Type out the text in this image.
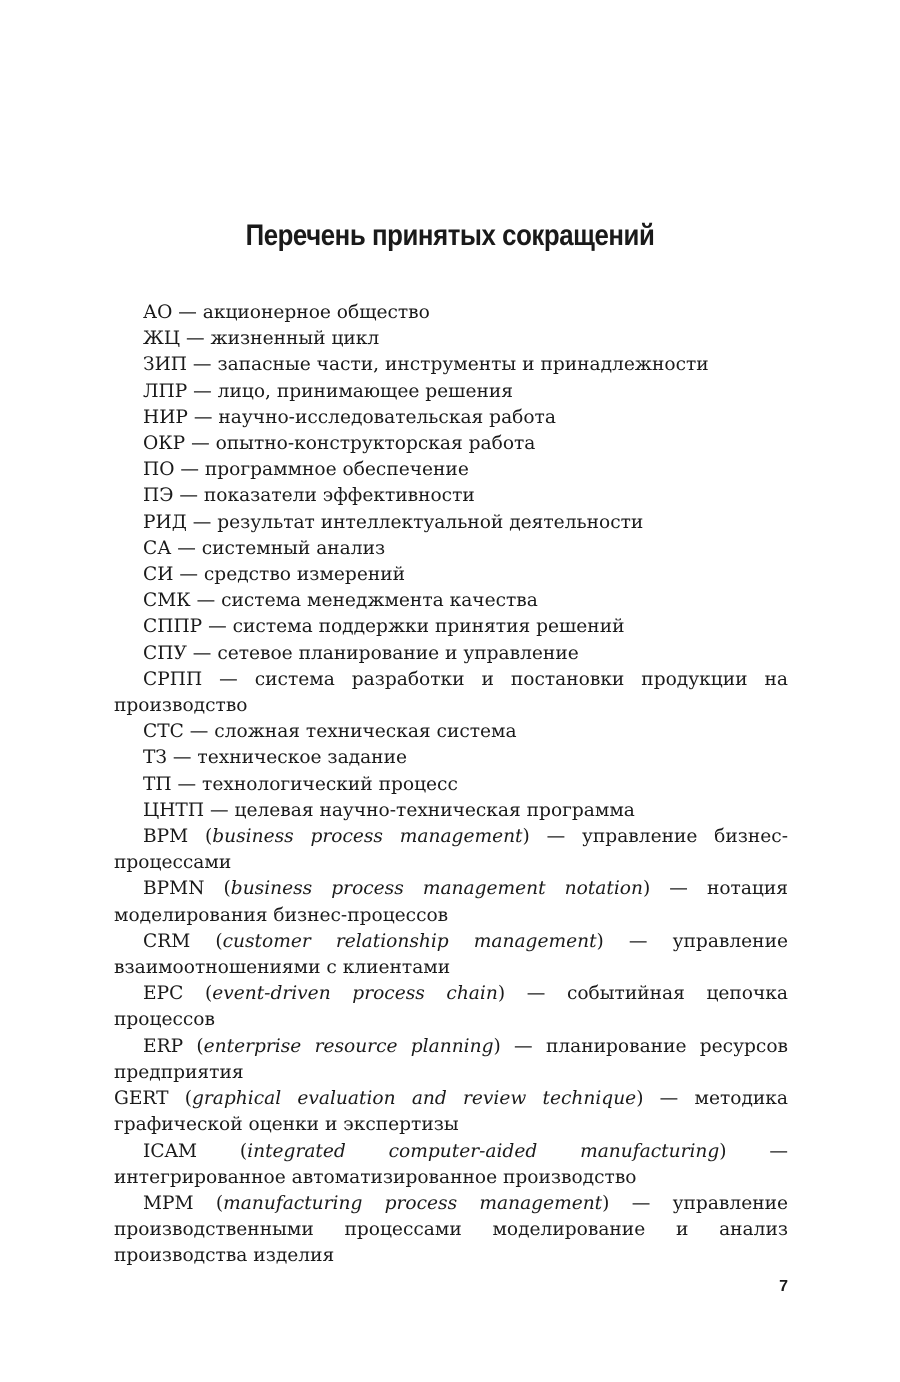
Перечень принятых сокращений

АО — акционерное общество

ЖЦ — жизненный цикл

ЗИП — запасные части, инструменты и принадлежности

ЛПР — лицо, принимающее решения

НИР — научно-исследовательская работа

ОКР — опытно-конструкторская работа

ПО — программное обеспечение

ПЭ — показатели эффективности

РИД — результат интеллектуальной деятельности

СА — системный анализ

СИ — средство измерений

СМК — система менеджмента качества

СППР — система поддержки принятия решений

СПУ — сетевое планирование и управление

СРПП — система разработки и постановки продукции на производство

СТС — сложная техническая система

ТЗ — техническое задание

ТП — технологический процесс

ЦНТП — целевая научно-техническая программа

BPM (business process management) — управление бизнес-процессами

BPMN (business process management notation) — нотация моделирования бизнес-процессов

CRM (customer relationship management) — управление взаимоотношениями с клиентами

EPC (event-driven process chain) — событийная цепочка процессов

ERP (enterprise resource planning) — планирование ресурсов предприятия

GERT (graphical evaluation and review technique) — методика графической оценки и экспертизы

ICAM (integrated computer-aided manufacturing) — интегрированное автоматизированное производство

MPM (manufacturing process management) — управление производственными процессами моделирование и анализ производства изделия

7
